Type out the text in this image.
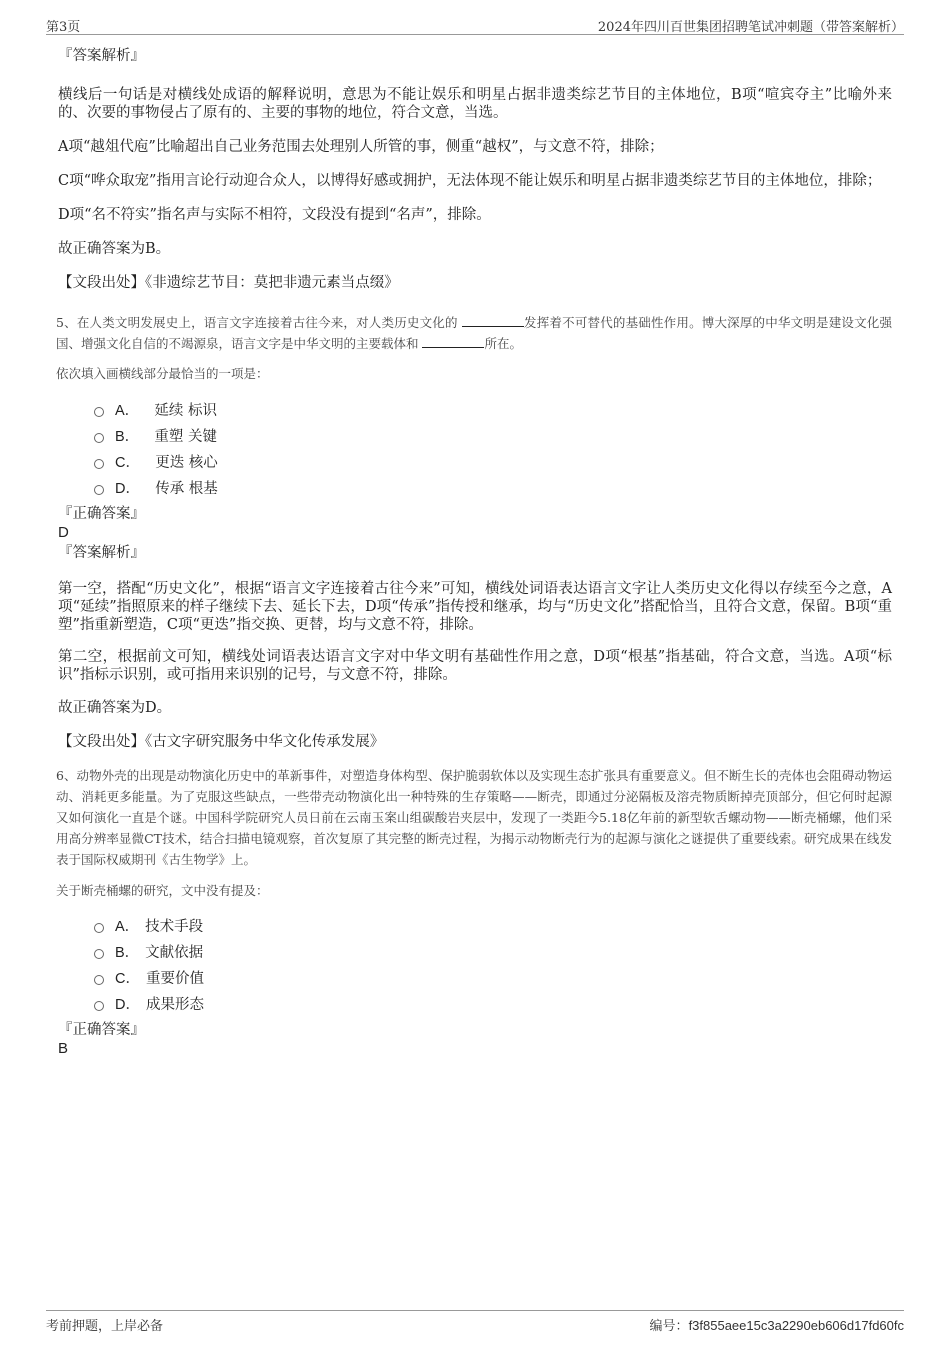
第3页	2024年四川百世集团招聘笔试冲刺题（带答案解析）

『答案解析』

横线后一句话是对横线处成语的解释说明，意思为不能让娱乐和明星占据非遗类综艺节目的主体地位，B项“喧宾夺主”比喻外来的、次要的事物侵占了原有的、主要的事物的地位，符合文意，当选。

A项“越俎代庖”比喻超出自己业务范围去处理别人所管的事，侧重“越权”，与文意不符，排除；

C项“哗众取宠”指用言论行动迎合众人，以博得好感或拥护，无法体现不能让娱乐和明星占据非遗类综艺节目的主体地位，排除；

D项“名不符实”指名声与实际不相符，文段没有提到“名声”，排除。

故正确答案为B。

【文段出处】《非遗综艺节目：莫把非遗元素当点缀》

5、在人类文明发展史上，语言文字连接着古往今来，对人类历史文化的	发挥着不可替代的基础性作用。博大深厚的中华文明是建设文化强国、增强文化自信的不竭源泉，语言文字是中华文明的主要载体和	所在。

依次填入画横线部分最恰当的一项是：

A． 延续 标识
B． 重塑 关键
C． 更迭 核心
D． 传承 根基

『正确答案』

D

『答案解析』

第一空，搭配“历史文化”，根据“语言文字连接着古往今来”可知，横线处词语表达语言文字让人类历史文化得以存续至今之意，A项“延续”指照原来的样子继续下去、延长下去，D项“传承”指传授和继承，均与“历史文化”搭配恰当，且符合文意，保留。B项“重塑”指重新塑造，C项“更迭”指交换、更替，均与文意不符，排除。

第二空，根据前文可知，横线处词语表达语言文字对中华文明有基础性作用之意，D项“根基”指基础，符合文意，当选。A项“标识”指标示识别，或可指用来识别的记号，与文意不符，排除。

故正确答案为D。

【文段出处】《古文字研究服务中华文化传承发展》

6、动物外壳的出现是动物演化历史中的革新事件，对塑造身体构型、保护脆弱软体以及实现生态扩张具有重要意义。但不断生长的壳体也会阻碍动物运动、消耗更多能量。为了克服这些缺点，一些带壳动物演化出一种特殊的生存策略——断壳，即通过分泌隔板及溶壳物质断掉壳顶部分，但它何时起源又如何演化一直是个谜。中国科学院研究人员日前在云南玉案山组碳酸岩夹层中，发现了一类距今5.18亿年前的新型软舌螺动物——断壳桶螺，他们采用高分辨率显微CT技术，结合扫描电镜观察，首次复原了其完整的断壳过程，为揭示动物断壳行为的起源与演化之谜提供了重要线索。研究成果在线发表于国际权威期刊《古生物学》上。

关于断壳桶螺的研究，文中没有提及：

A． 技术手段
B． 文献依据
C． 重要价值
D． 成果形态

『正确答案』

B

考前押题，上岸必备	编号：f3f855aee15c3a2290eb606d17fd60fc
